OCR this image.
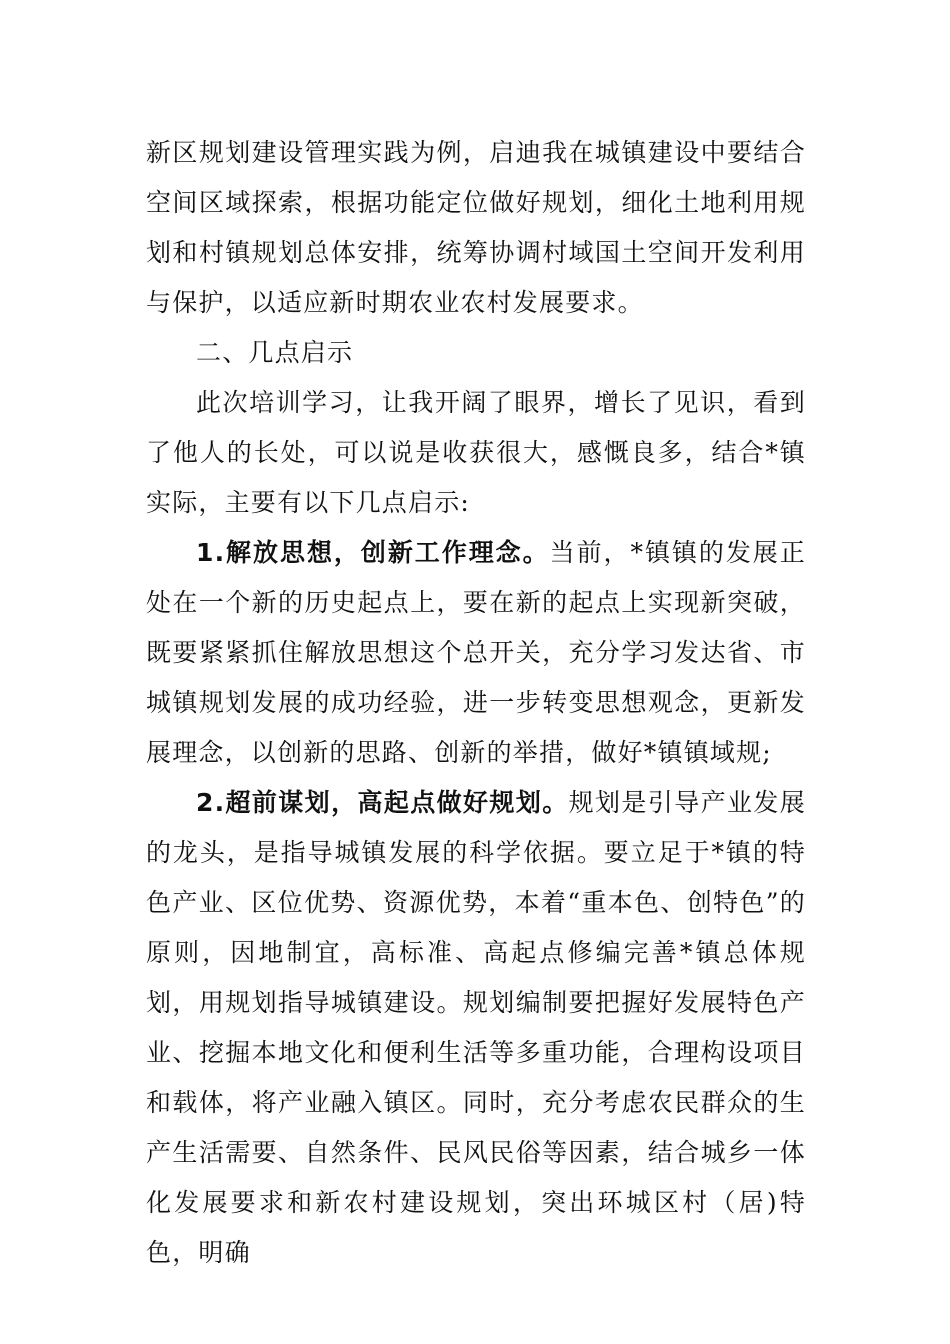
新区规划建设管理实践为例，启迪我在城镇建设中要结合空间区域探索，根据功能定位做好规划，细化土地利用规划和村镇规划总体安排，统筹协调村域国土空间开发利用与保护，以适应新时期农业农村发展要求。

二、几点启示

此次培训学习，让我开阔了眼界，增长了见识，看到了他人的长处，可以说是收获很大，感慨良多，结合*镇实际，主要有以下几点启示:

1.解放思想，创新工作理念。当前，*镇镇的发展正处在一个新的历史起点上，要在新的起点上实现新突破，既要紧紧抓住解放思想这个总开关，充分学习发达省、市城镇规划发展的成功经验，进一步转变思想观念，更新发展理念，以创新的思路、创新的举措，做好*镇镇域规;

2.超前谋划，高起点做好规划。规划是引导产业发展的龙头，是指导城镇发展的科学依据。要立足于*镇的特色产业、区位优势、资源优势，本着“重本色、创特色”的原则，因地制宜，高标准、高起点修编完善*镇总体规划，用规划指导城镇建设。规划编制要把握好发展特色产业、挖掘本地文化和便利生活等多重功能，合理构设项目和载体，将产业融入镇区。同时，充分考虑农民群众的生产生活需要、自然条件、民风民俗等因素，结合城乡一体化发展要求和新农村建设规划，突出环城区村（居)特色，明确
